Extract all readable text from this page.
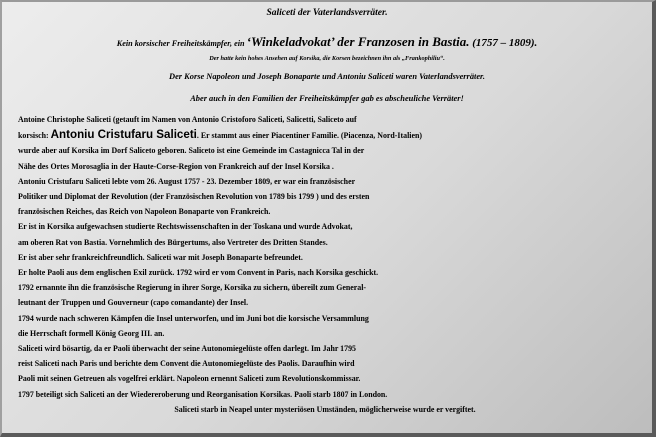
Saliceti der Vaterlandsverräter.
Kein korsischer Freiheitskämpfer, ein ‘Winkeladvokat’ der Franzosen in Bastia. (1757 – 1809).
Der hatte kein hohes Ansehen auf Korsika, die Korsen bezeichnen ihn als „Frankophiliu“.
Der Korse Napoleon und Joseph Bonaparte und Antoniu Saliceti waren Vaterlandsverräter.
Aber auch in den Familien der Freiheitskämpfer gab es abscheuliche Verräter!
Antoine Christophe Saliceti (getauft im Namen von Antonio Cristoforo Saliceti, Salicetti, Saliceto auf
korsisch: Antoniu Cristufaru Saliceti. Er stammt aus einer Piacentiner Familie. (Piacenza, Nord-Italien)
wurde aber auf Korsika im Dorf Saliceto geboren. Saliceto ist eine Gemeinde im Castagnicca Tal in der
Nähe des Ortes Morosaglia in der Haute-Corse-Region von Frankreich auf der Insel Korsika .
Antoniu Cristufaru Saliceti lebte vom 26. August 1757 - 23. Dezember 1809, er war ein französischer
Politiker und Diplomat der Revolution (der Französischen Revolution von 1789 bis 1799 ) und des ersten
französischen Reiches, das Reich von Napoleon Bonaparte von Frankreich.
Er ist in Korsika aufgewachsen studierte Rechtswissenschaften in der Toskana und wurde Advokat,
am oberen Rat von Bastia. Vornehmlich des Bürgertums, also Vertreter des Dritten Standes.
Er ist aber sehr frankreichfreundlich. Saliceti war mit Joseph Bonaparte befreundet.
Er holte Paoli aus dem englischen Exil zurück. 1792 wird er vom Convent in Paris, nach Korsika geschickt.
1792 ernannte ihn die französische Regierung in ihrer Sorge, Korsika zu sichern, übereilt zum General-
leutnant der Truppen und Gouverneur (capo comandante) der Insel.
1794 wurde nach schweren Kämpfen die Insel unterworfen, und im Juni bot die korsische Versammlung
die Herrschaft formell König Georg III. an.
Saliceti wird bösartig, da er Paoli überwacht der seine Autonomiegelüste offen darlegt. Im Jahr 1795
reist Saliceti nach Paris und berichte dem Convent die Autonomiegelüste des Paolis. Daraufhin wird
Paoli mit seinen Getreuen als vogelfrei erklärt. Napoleon ernennt Saliceti zum Revolutionskommissar.
1797 beteiligt sich Saliceti an der Wiedereroberung und Reorganisation Korsikas. Paoli starb 1807 in London.
Saliceti starb in Neapel unter mysteriösen Umständen, möglicherweise wurde er vergiftet.
